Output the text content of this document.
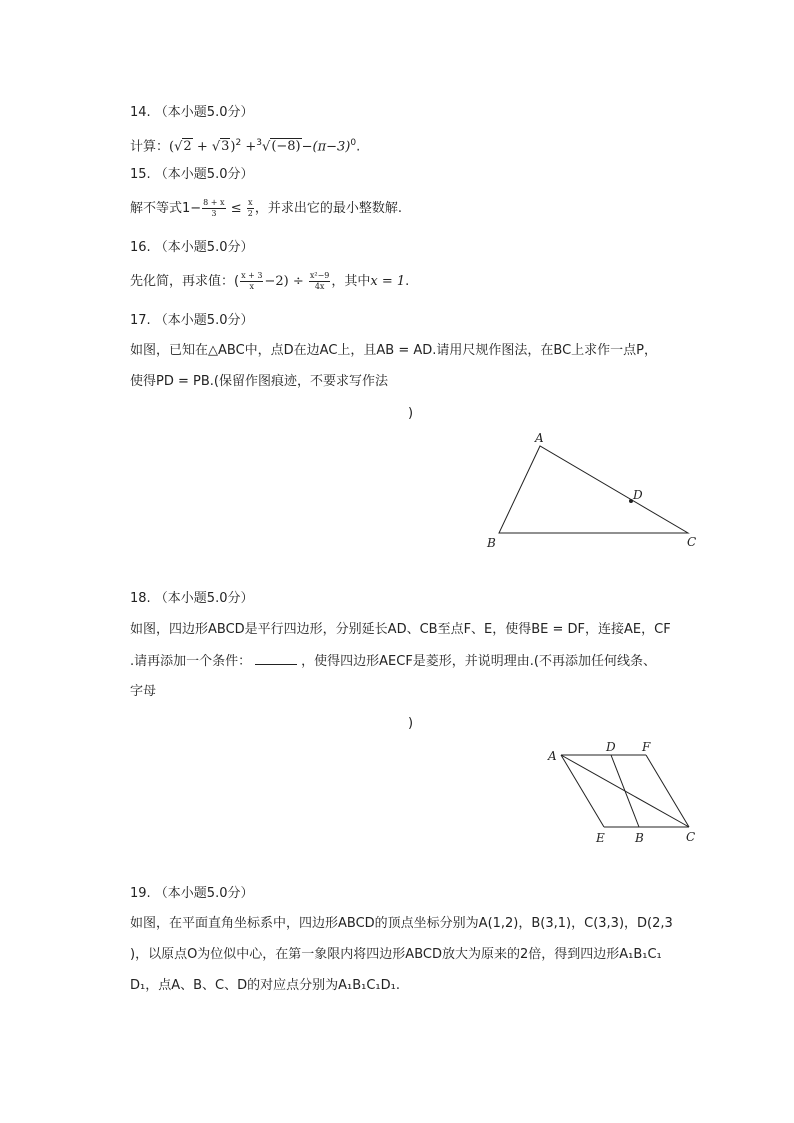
14. （本小题5.0分）
计算：$(√2 + √3)^2 +^3√(-8)-(\pi-3)^0$.
15. （本小题5.0分）
解不等式$1- \frac{8 + x}{3} \le \frac{x}{2}$ ，并求出它的最小整数解.
16. （本小题5.0分）
先化简，再求值：( $\frac{x + 3}{x} -2) \div \frac{\text{x²−9}}{4x}$ ，其中x = 1.
17. （本小题5.0分）
如图，已知在△ABC中，点D在边AC上，且AB = AD.请用尺规作图法，在BC上求作一点P，
使得PD = PB.(保留作图痕迹，不要求写作法
)
A
B	C
D
18. （本小题5.0分）
如图，四边形ABCD是平行四边形，分别延长AD、CB至点F、E，使得BE = DF，连接AE，CF
.请再添加一个条件：	，使得四边形AECF是菱形，并说明理由.(不再添加任何线条、
字母
)
A
D F
E	B	C
19. （本小题5.0分）
如图，在平面直角坐标系中，四边形ABCD的顶点坐标分别为A(1,2)，B(3,1)，C(3,3)，D(2,3
)，以原点O为位似中心，在第一象限内将四边形ABCD放大为原来的2倍，得到四边形A₁B₁C₁
D₁，点A、B、C、D的对应点分别为A₁B₁C₁D₁.
